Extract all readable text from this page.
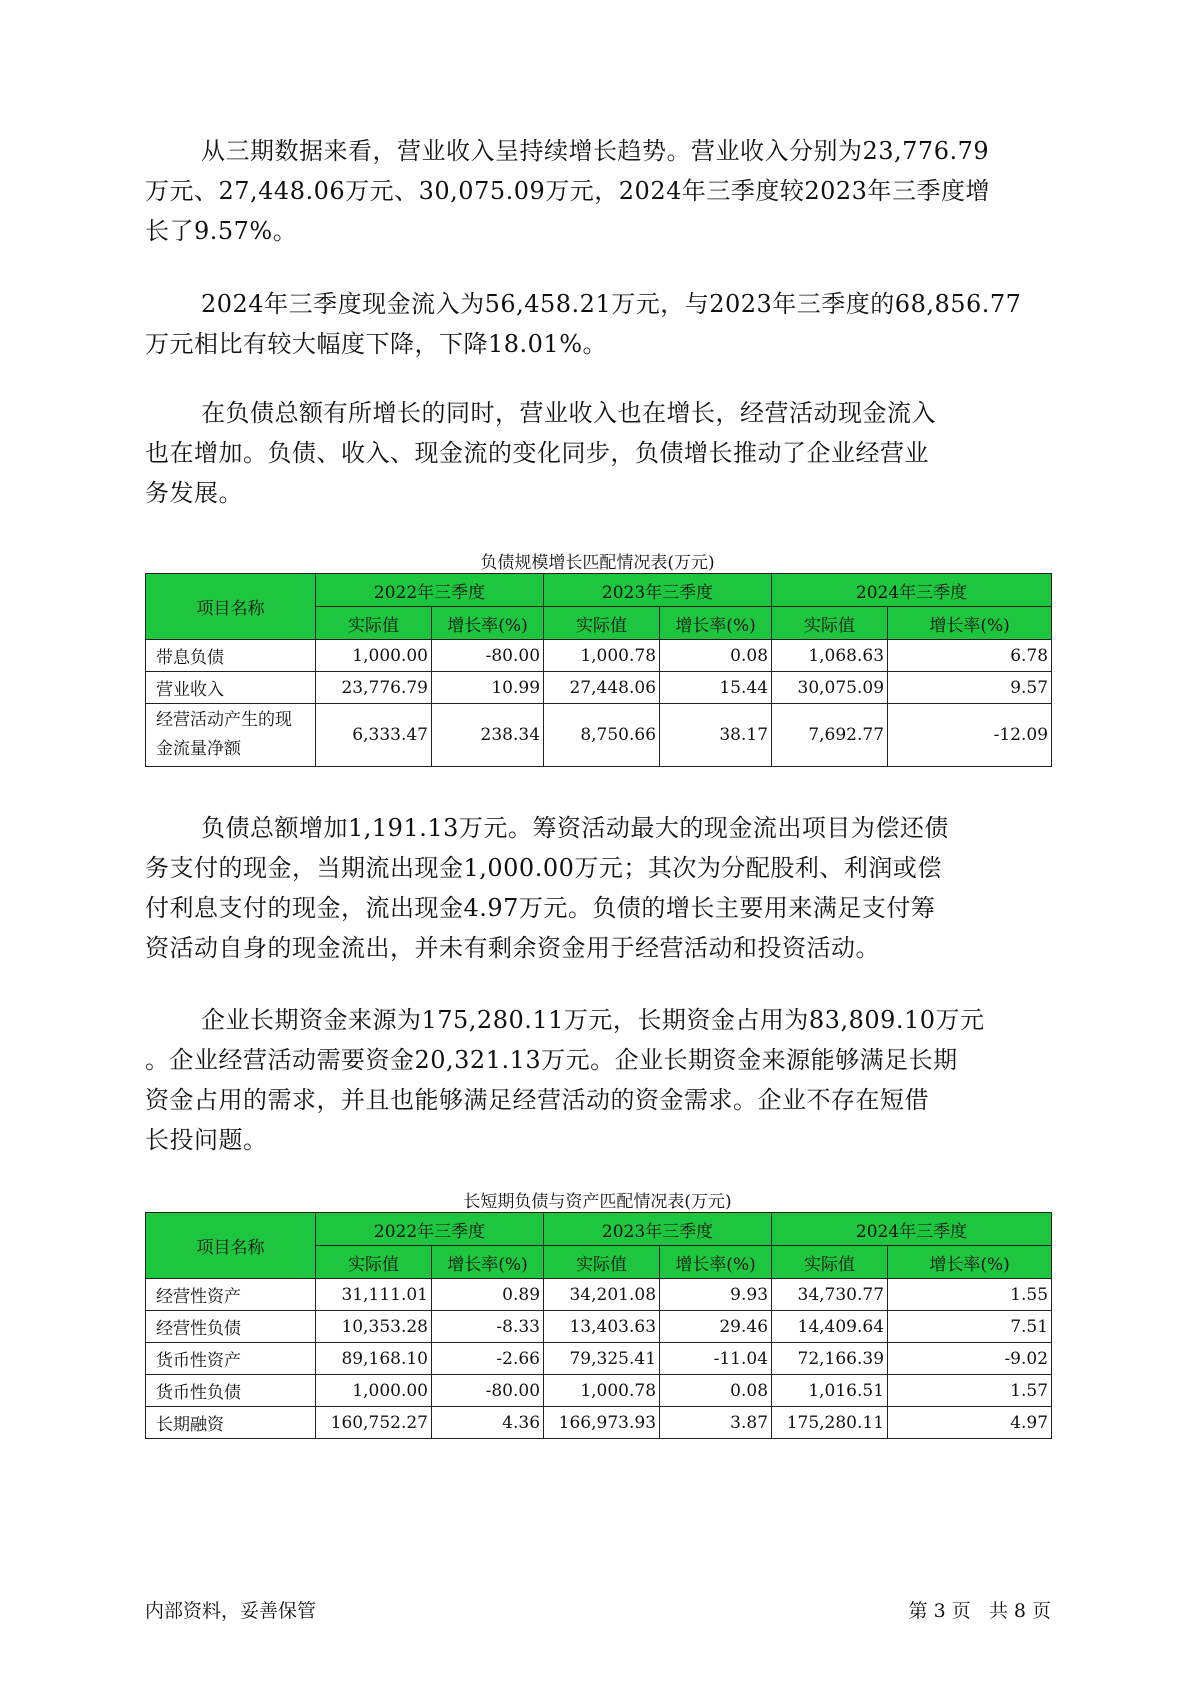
从三期数据来看，营业收入呈持续增长趋势。营业收入分别为23,776.79
万元、27,448.06万元、30,075.09万元，2024年三季度较2023年三季度增
长了9.57%。
2024年三季度现金流入为56,458.21万元，与2023年三季度的68,856.77
万元相比有较大幅度下降，下降18.01%。
在负债总额有所增长的同时，营业收入也在增长，经营活动现金流入
也在增加。负债、收入、现金流的变化同步，负债增长推动了企业经营业
务发展。

负债规模增长匹配情况表(万元)

项目名称	2022年三季度		2023年三季度		2024年三季度	
	实际值	增长率(%)	实际值	增长率(%)	实际值	增长率(%)
带息负债	1,000.00	-80.00	1,000.78	0.08	1,068.63	6.78
营业收入	23,776.79	10.99	27,448.06	15.44	30,075.09	9.57

经营活动产生的现
金流量净额	6,333.47	238.34	8,750.66	38.17	7,692.77	-12.09
负债总额增加1,191.13万元。筹资活动最大的现金流出项目为偿还债
务支付的现金，当期流出现金1,000.00万元；其次为分配股利、利润或偿
付利息支付的现金，流出现金4.97万元。负债的增长主要用来满足支付筹
资活动自身的现金流出，并未有剩余资金用于经营活动和投资活动。
企业长期资金来源为175,280.11万元，长期资金占用为83,809.10万元
。企业经营活动需要资金20,321.13万元。企业长期资金来源能够满足长期
资金占用的需求，并且也能够满足经营活动的资金需求。企业不存在短借
长投问题。

长短期负债与资产匹配情况表(万元)

项目名称	2022年三季度		2023年三季度		2024年三季度	
	实际值	增长率(%)	实际值	增长率(%)	实际值	增长率(%)
经营性资产	31,111.01	0.89	34,201.08	9.93	34,730.77	1.55
经营性负债	10,353.28	-8.33	13,403.63	29.46	14,409.64	7.51
货币性资产	89,168.10	-2.66	79,325.41	-11.04	72,166.39	-9.02
货币性负债	1,000.00	-80.00	1,000.78	0.08	1,016.51	1.57
长期融资	160,752.27	4.36	166,973.93	3.87	175,280.11	4.97

内部资料，妥善保管	第 3 页   共 8 页
